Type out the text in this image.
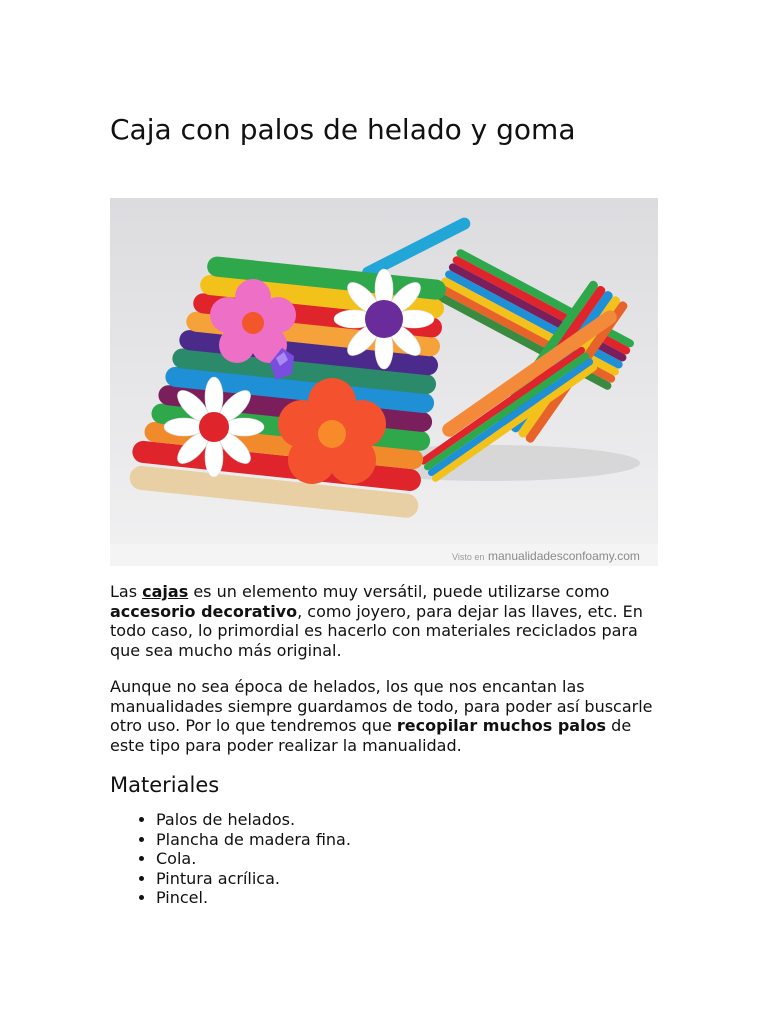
Caja con palos de helado y goma
Visto en manualidadesconfoamy.com

Las cajas es un elemento muy versátil, puede utilizarse como accesorio decorativo, como joyero, para dejar las llaves, etc. En todo caso, lo primordial es hacerlo con materiales reciclados para que sea mucho más original.

Aunque no sea época de helados, los que nos encantan las manualidades siempre guardamos de todo, para poder así buscarle otro uso. Por lo que tendremos que recopilar muchos palos de este tipo para poder realizar la manualidad.

Materiales
• Palos de helados.
• Plancha de madera fina.
• Cola.
• Pintura acrílica.
• Pincel.
